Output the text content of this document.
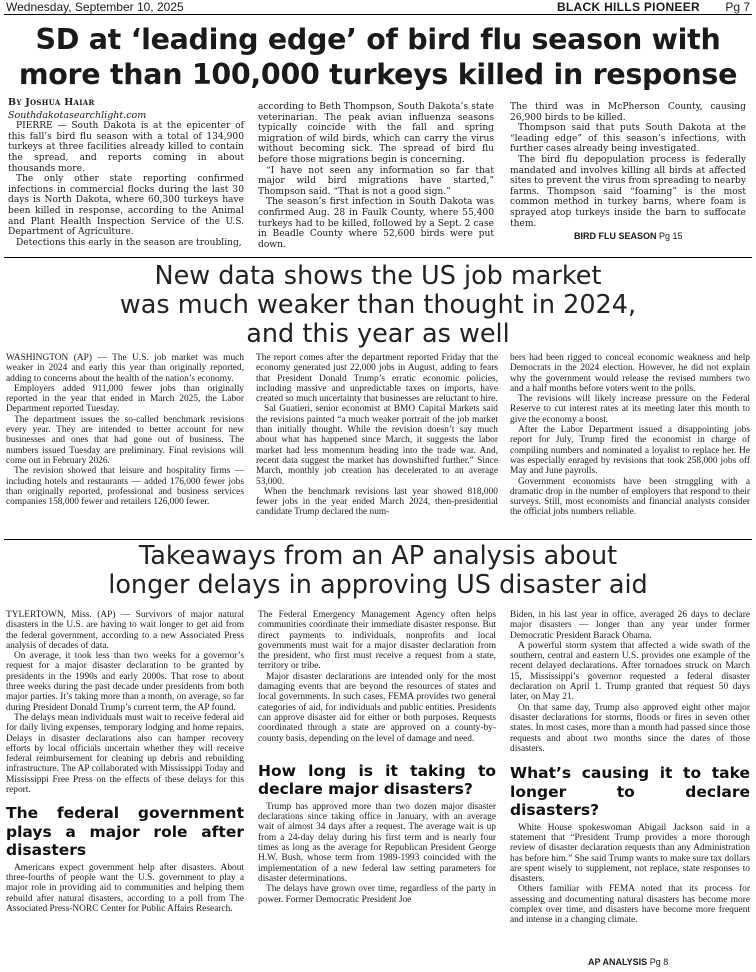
Wednesday, September 10, 2025	BLACK HILLS PIONEER Pg 7
SD at ‘leading edge’ of bird flu season with
more than 100,000 turkeys killed in response
By Joshua Haiar
Southdakotasearchlight.com

PIERRE — South Dakota is at the epicenter of this fall’s bird flu season with a total of 134,900 turkeys at three facilities already killed to contain the spread, and reports coming in about thousands more.

The only other state reporting confirmed infections in commercial flocks during the last 30 days is North Dakota, where 60,300 turkeys have been killed in response, according to the Animal and Plant Health Inspection Service of the U.S. Department of Agriculture.

Detections this early in the season are troubling,

according to Beth Thompson, South Dakota’s state veterinarian. The peak avian influenza seasons typically coincide with the fall and spring migration of wild birds, which can carry the virus without becoming sick. The spread of bird flu before those migrations begin is concerning.

“I have not seen any information so far that major wild bird migrations have started,” Thompson said. “That is not a good sign.”

The season’s first infection in South Dakota was confirmed Aug. 28 in Faulk County, where 55,400 turkeys had to be killed, followed by a Sept. 2 case in Beadle County where 52,600 birds were put down.

The third was in McPherson County, causing 26,900 birds to be killed.

Thompson said that puts South Dakota at the “leading edge” of this season’s infections, with further cases already being investigated.

The bird flu depopulation process is federally mandated and involves killing all birds at affected sites to prevent the virus from spreading to nearby farms. Thompson said “foaming” is the most common method in turkey barns, where foam is sprayed atop turkeys inside the barn to suffocate them.

BIRD FLU SEASON Pg 15
New data shows the US job market
was much weaker than thought in 2024,
and this year as well

WASHINGTON (AP) — The U.S. job market was much weaker in 2024 and early this year than originally reported, adding to concerns about the health of the nation’s economy.

Employers added 911,000 fewer jobs than originally reported in the year that ended in March 2025, the Labor Department reported Tuesday.

The department issues the so-called benchmark revisions every year. They are intended to better account for new businesses and ones that had gone out of business. The numbers issued Tuesday are preliminary. Final revisions will come out in February 2026.

The revision showed that leisure and hospitality firms — including hotels and restaurants — added 176,000 fewer jobs than originally reported, professional and business services companies 158,000 fewer and retailers 126,000 fewer.

The report comes after the department reported Friday that the economy generated just 22,000 jobs in August, adding to fears that President Donald Trump’s erratic economic policies, including massive and unpredictable taxes on imports, have created so much uncertainty that businesses are reluctant to hire.

Sal Guatieri, senior economist at BMO Capital Markets said the revisions painted “a much weaker portrait of the job market than initially thought. While the revision doesn’t say much about what has happened since March, it suggests the labor market had less momentum heading into the trade war. And, recent data suggest the market has downshifted further.” Since March, monthly job creation has decelerated to an average 53,000.

When the benchmark revisions last year showed 818,000 fewer jobs in the year ended March 2024, then-presidential candidate Trump declared the num-

bers had been rigged to conceal economic weakness and help Democrats in the 2024 election. However, he did not explain why the government would release the revised numbers two and a half months before voters went to the polls.

The revisions will likely increase pressure on the Federal Reserve to cut interest rates at its meeting later this month to give the economy a boost.

After the Labor Department issued a disappointing jobs report for July, Trump fired the economist in charge of compiling numbers and nominated a loyalist to replace her. He was especially enraged by revisions that took 258,000 jobs off May and June payrolls.

Government economists have been struggling with a dramatic drop in the number of employers that respond to their surveys. Still, most economists and financial analysts consider the official jobs numbers reliable.

Takeaways from an AP analysis about
longer delays in approving US disaster aid

TYLERTOWN, Miss. (AP) — Survivors of major natural disasters in the U.S. are having to wait longer to get aid from the federal government, according to a new Associated Press analysis of decades of data.

On average, it took less than two weeks for a governor’s request for a major disaster declaration to be granted by presidents in the 1990s and early 2000s. That rose to about three weeks during the past decade under presidents from both major parties. It’s taking more than a month, on average, so far during President Donald Trump’s current term, the AP found.

The delays mean individuals must wait to receive federal aid for daily living expenses, temporary lodging and home repairs. Delays in disaster declarations also can hamper recovery efforts by local officials uncertain whether they will receive federal reimbursement for cleaning up debris and rebuilding infrastructure. The AP collaborated with Mississippi Today and Mississippi Free Press on the effects of these delays for this report.

The federal government plays a major role after disasters

Americans expect government help after disasters. About three-fourths of people want the U.S. government to play a major role in providing aid to communities and helping them rebuild after natural disasters, according to a poll from The Associated Press-NORC Center for Public Affairs Research.

The Federal Emergency Management Agency often helps communities coordinate their immediate disaster response. But direct payments to individuals, nonprofits and local governments must wait for a major disaster declaration from the president, who first must receive a request from a state, territory or tribe.

Major disaster declarations are intended only for the most damaging events that are beyond the resources of states and local governments. In such cases, FEMA provides two general categories of aid, for individuals and public entities. Presidents can approve disaster aid for either or both purposes. Requests coordinated through a state are approved on a county-by-county basis, depending on the level of damage and need.

How long is it taking to declare major disasters?

Trump has approved more than two dozen major disaster declarations since taking office in January, with an average wait of almost 34 days after a request. The average wait is up from a 24-day delay during his first term and is nearly four times as long as the average for Republican President George H.W. Bush, whose term from 1989-1993 coincided with the implementation of a new federal law setting parameters for disaster determinations.

The delays have grown over time, regardless of the party in power. Former Democratic President Joe

Biden, in his last year in office, averaged 26 days to declare major disasters — longer than any year under former Democratic President Barack Obama.

A powerful storm system that affected a wide swath of the southern, central and eastern U.S. provides one example of the recent delayed declarations. After tornadoes struck on March 15, Mississippi’s governor requested a federal disaster declaration on April 1. Trump granted that request 50 days later, on May 21.

On that same day, Trump also approved eight other major disaster declarations for storms, floods or fires in seven other states. In most cases, more than a month had passed since those requests and about two months since the dates of those disasters.

What’s causing it to take longer to declare disasters?

White House spokeswoman Abigail Jackson said in a statement that “President Trump provides a more thorough review of disaster declaration requests than any Administration has before him.” She said Trump wants to make sure tax dollars are spent wisely to supplement, not replace, state responses to disasters.

Others familiar with FEMA noted that its process for assessing and documenting natural disasters has become more complex over time, and disasters have become more frequent and intense in a changing climate.

AP ANALYSIS Pg 8
